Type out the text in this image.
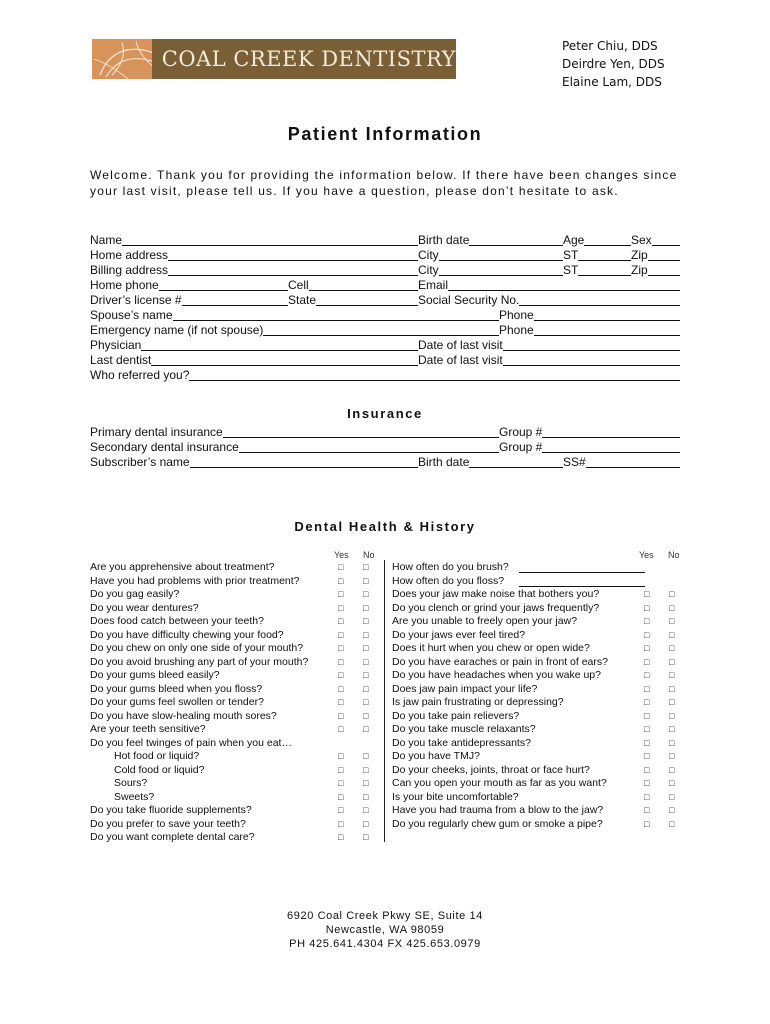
COAL CREEK DENTISTRY
Peter Chiu, DDS
Deirdre Yen, DDS
Elaine Lam, DDS
Patient Information
Welcome. Thank you for providing the information below. If there have been changes since your last visit, please tell us. If you have a question, please don’t hesitate to ask.
Name	Birth date	Age	Sex
Home address	City	ST	Zip
Billing address	City	ST	Zip
Home phone	Cell	Email
Driver’s license #	State	Social Security No.
Spouse’s name	Phone
Emergency name (if not spouse)	Phone
Physician	Date of last visit
Last dentist	Date of last visit
Who referred you?
Insurance
Primary dental insurance	Group #
Secondary dental insurance	Group #
Subscriber’s name	Birth date	SS#
Dental Health & History
Yes No	Yes No
Are you apprehensive about treatment?	□ □
Have you had problems with prior treatment?	□ □
Do you gag easily?	□ □
Do you wear dentures?	□ □
Does food catch between your teeth?	□ □
Do you have difficulty chewing your food?	□ □
Do you chew on only one side of your mouth?	□ □
Do you avoid brushing any part of your mouth?	□ □
Do your gums bleed easily?	□ □
Do your gums bleed when you floss?	□ □
Do your gums feel swollen or tender?	□ □
Do you have slow-healing mouth sores?	□ □
Are your teeth sensitive?	□ □
Do you feel twinges of pain when you eat…
Hot food or liquid?	□ □
Cold food or liquid?	□ □
Sours?	□ □
Sweets?	□ □
Do you take fluoride supplements?	□ □
Do you prefer to save your teeth?	□ □
Do you want complete dental care?	□ □
How often do you brush?
How often do you floss?
Does your jaw make noise that bothers you?	□ □
Do you clench or grind your jaws frequently?	□ □
Are you unable to freely open your jaw?	□ □
Do your jaws ever feel tired?	□ □
Does it hurt when you chew or open wide?	□ □
Do you have earaches or pain in front of ears?	□ □
Do you have headaches when you wake up?	□ □
Does jaw pain impact your life?	□ □
Is jaw pain frustrating or depressing?	□ □
Do you take pain relievers?	□ □
Do you take muscle relaxants?	□ □
Do you take antidepressants?	□ □
Do you have TMJ?	□ □
Do your cheeks, joints, throat or face hurt?	□ □
Can you open your mouth as far as you want?	□ □
Is your bite uncomfortable?	□ □
Have you had trauma from a blow to the jaw?	□ □
Do you regularly chew gum or smoke a pipe?	□ □
6920 Coal Creek Pkwy SE, Suite 14
Newcastle, WA 98059
PH 425.641.4304 FX 425.653.0979
